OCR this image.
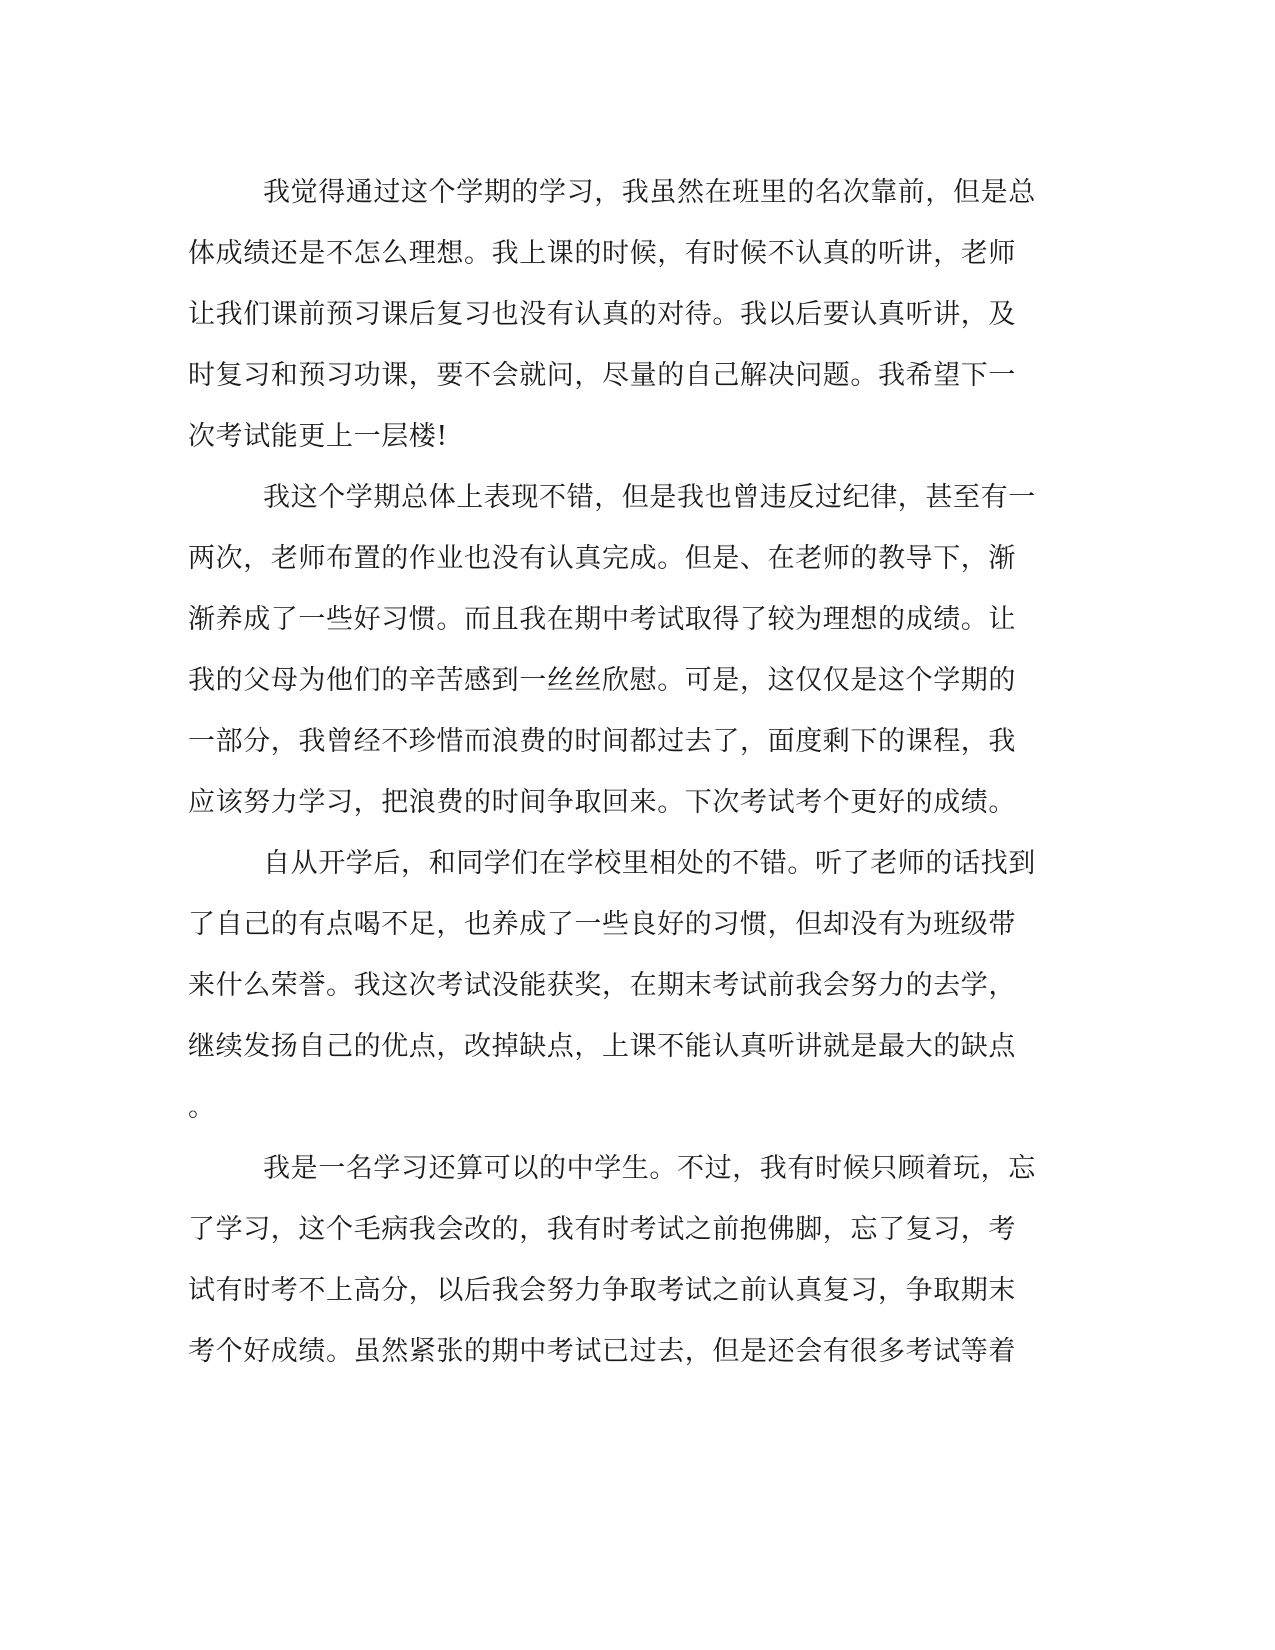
我觉得通过这个学期的学习，我虽然在班里的名次靠前，但是总
体成绩还是不怎么理想。我上课的时候，有时候不认真的听讲，老师
让我们课前预习课后复习也没有认真的对待。我以后要认真听讲，及
时复习和预习功课，要不会就问，尽量的自己解决问题。我希望下一
次考试能更上一层楼!
我这个学期总体上表现不错，但是我也曾违反过纪律，甚至有一
两次，老师布置的作业也没有认真完成。但是、在老师的教导下，渐
渐养成了一些好习惯。而且我在期中考试取得了较为理想的成绩。让
我的父母为他们的辛苦感到一丝丝欣慰。可是，这仅仅是这个学期的
一部分，我曾经不珍惜而浪费的时间都过去了，面度剩下的课程，我
应该努力学习，把浪费的时间争取回来。下次考试考个更好的成绩。
自从开学后，和同学们在学校里相处的不错。听了老师的话找到
了自己的有点喝不足，也养成了一些良好的习惯，但却没有为班级带
来什么荣誉。我这次考试没能获奖，在期末考试前我会努力的去学，
继续发扬自己的优点，改掉缺点，上课不能认真听讲就是最大的缺点
。
我是一名学习还算可以的中学生。不过，我有时候只顾着玩，忘
了学习，这个毛病我会改的，我有时考试之前抱佛脚，忘了复习，考
试有时考不上高分，以后我会努力争取考试之前认真复习，争取期末
考个好成绩。虽然紧张的期中考试已过去，但是还会有很多考试等着
